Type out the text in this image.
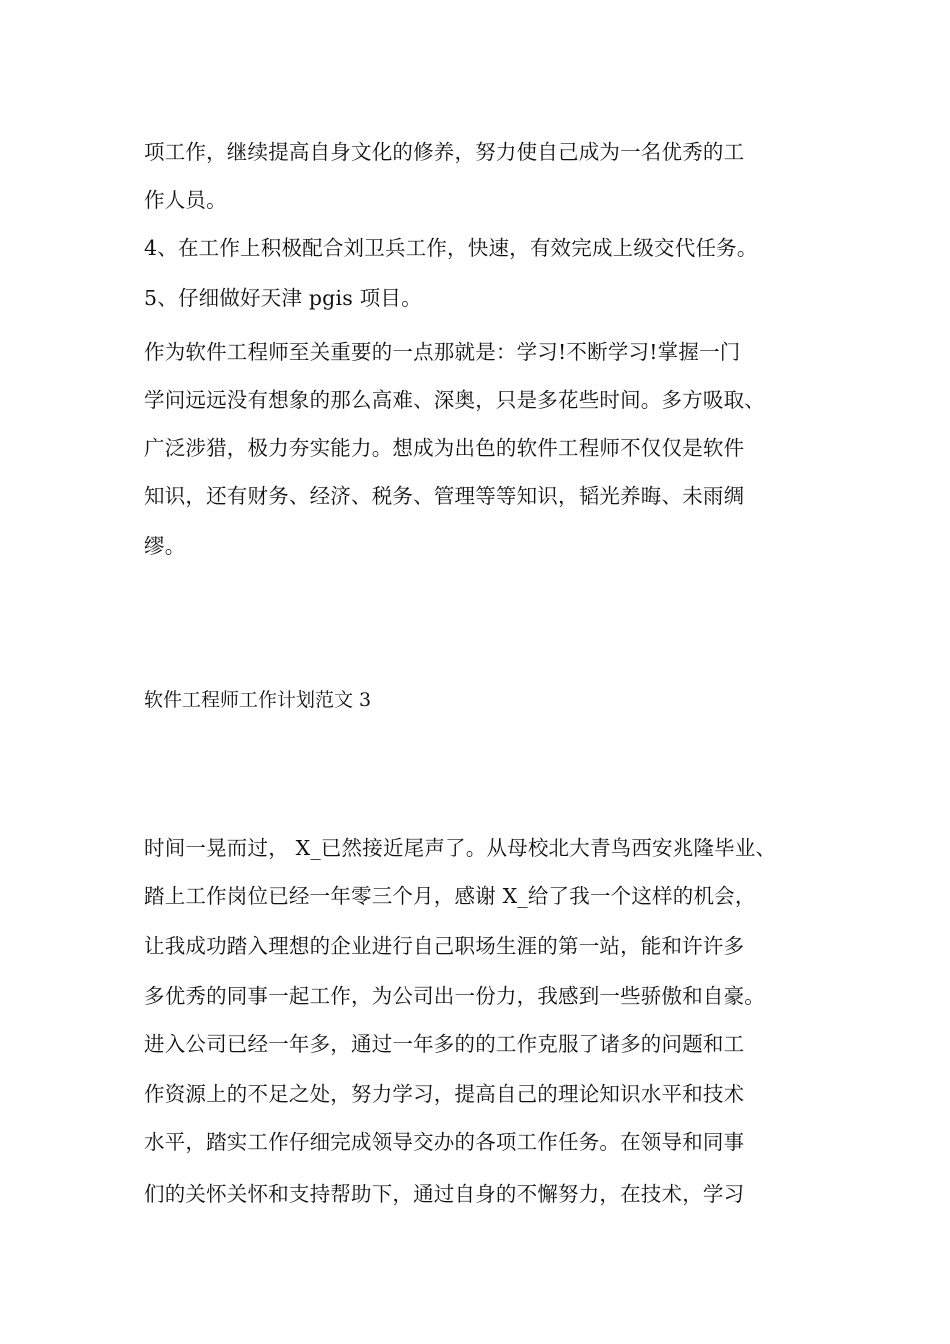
项工作，继续提高自身文化的修养，努力使自己成为一名优秀的工
作人员。
4、在工作上积极配合刘卫兵工作，快速，有效完成上级交代任务。
5、仔细做好天津 pgis 项目。
作为软件工程师至关重要的一点那就是：学习!不断学习!掌握一门
学问远远没有想象的那么高难、深奥，只是多花些时间。多方吸取、
广泛涉猎，极力夯实能力。想成为出色的软件工程师不仅仅是软件
知识，还有财务、经济、税务、管理等等知识，韬光养晦、未雨绸
缪。
软件工程师工作计划范文 3
时间一晃而过， X_已然接近尾声了。从母校北大青鸟西安兆隆毕业、
踏上工作岗位已经一年零三个月，感谢 X_给了我一个这样的机会，
让我成功踏入理想的企业进行自己职场生涯的第一站，能和许许多
多优秀的同事一起工作，为公司出一份力，我感到一些骄傲和自豪。
进入公司已经一年多，通过一年多的的工作克服了诸多的问题和工
作资源上的不足之处，努力学习，提高自己的理论知识水平和技术
水平，踏实工作仔细完成领导交办的各项工作任务。在领导和同事
们的关怀关怀和支持帮助下，通过自身的不懈努力，在技术，学习
